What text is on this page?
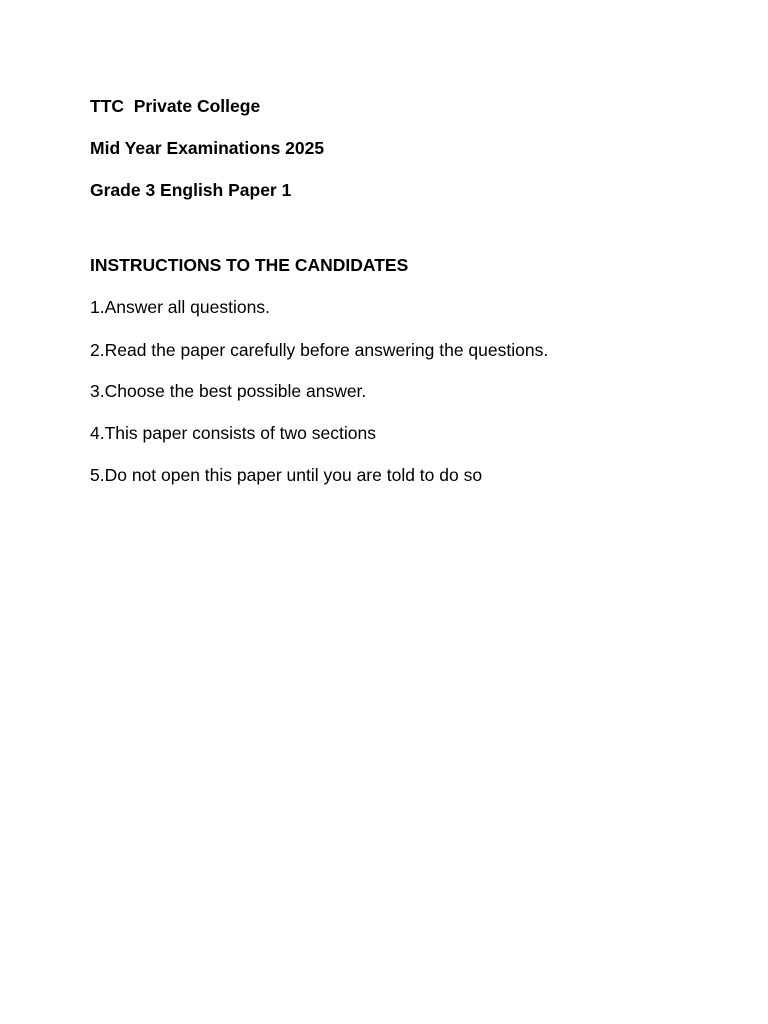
TTC  Private College
Mid Year Examinations 2025
Grade 3 English Paper 1
INSTRUCTIONS TO THE CANDIDATES
1.Answer all questions.
2.Read the paper carefully before answering the questions.
3.Choose the best possible answer.
4.This paper consists of two sections
5.Do not open this paper until you are told to do so
